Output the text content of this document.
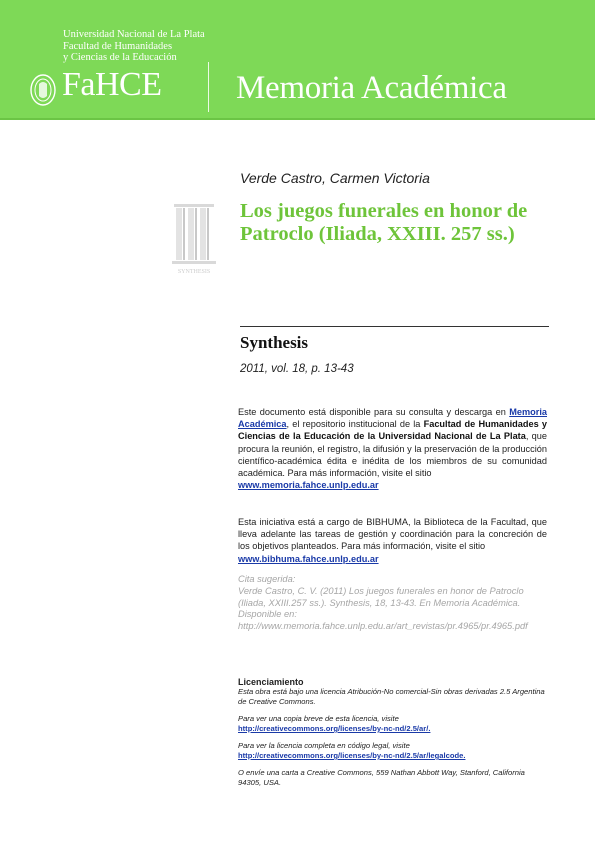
Universidad Nacional de La Plata
Facultad de Humanidades
y Ciencias de la Educación
FaHCE Memoria Académica
SYNTHESIS
Verde Castro, Carmen Victoria
Los juegos funerales en honor de Patroclo (Iliada, XXIII. 257 ss.)
Synthesis
2011, vol. 18, p. 13-43
Este documento está disponible para su consulta y descarga en Memoria Académica, el repositorio institucional de la Facultad de Humanidades y Ciencias de la Educación de la Universidad Nacional de La Plata, que procura la reunión, el registro, la difusión y la preservación de la producción científico-académica édita e inédita de los miembros de su comunidad académica. Para más información, visite el sitio
www.memoria.fahce.unlp.edu.ar
Esta iniciativa está a cargo de BIBHUMA, la Biblioteca de la Facultad, que lleva adelante las tareas de gestión y coordinación para la concreción de los objetivos planteados. Para más información, visite el sitio
www.bibhuma.fahce.unlp.edu.ar
Cita sugerida:
Verde Castro, C. V. (2011) Los juegos funerales en honor de Patroclo (Iliada, XXIII.257 ss.). Synthesis, 18, 13-43. En Memoria Académica. Disponible en:
http://www.memoria.fahce.unlp.edu.ar/art_revistas/pr.4965/pr.4965.pdf
Licenciamiento
Esta obra está bajo una licencia Atribución-No comercial-Sin obras derivadas 2.5 Argentina de Creative Commons.
Para ver una copia breve de esta licencia, visite
http://creativecommons.org/licenses/by-nc-nd/2.5/ar/.
Para ver la licencia completa en código legal, visite
http://creativecommons.org/licenses/by-nc-nd/2.5/ar/legalcode.
O envíe una carta a Creative Commons, 559 Nathan Abbott Way, Stanford, California 94305, USA.
